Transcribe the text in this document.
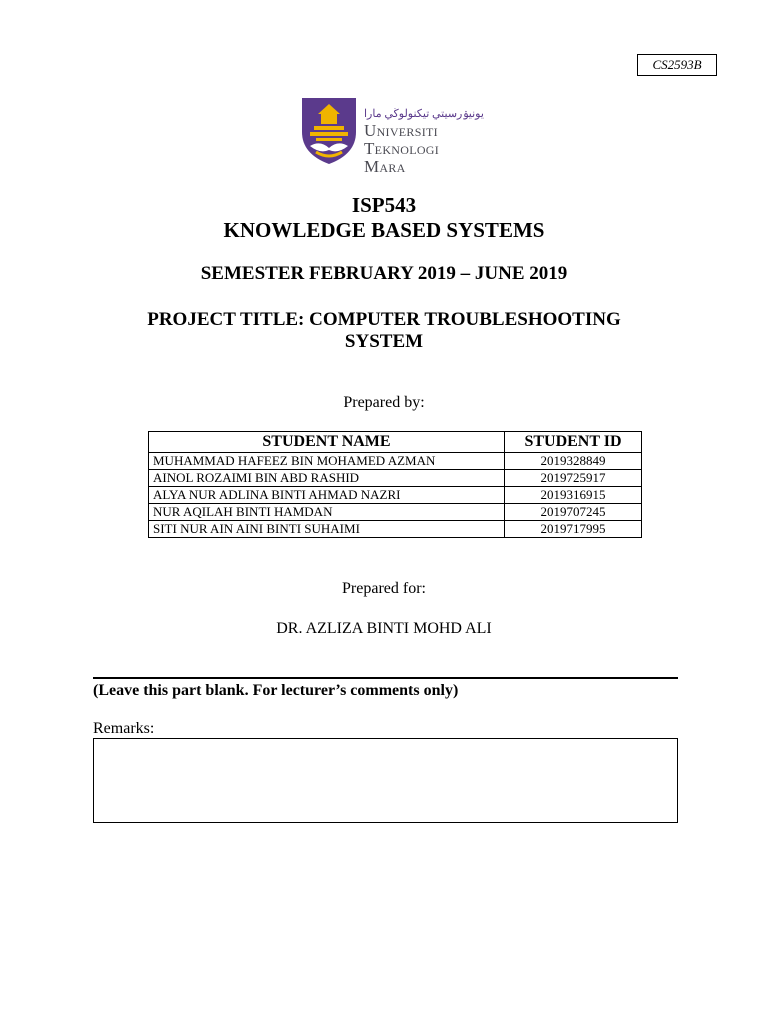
CS2593B
يونيۏرسيتي تيكنولوڬي مارا
Universiti
Teknologi
Mara
ISP543
KNOWLEDGE BASED SYSTEMS
SEMESTER FEBRUARY 2019 – JUNE 2019
PROJECT TITLE: COMPUTER TROUBLESHOOTING SYSTEM
Prepared by:
STUDENT NAME	STUDENT ID
MUHAMMAD HAFEEZ BIN MOHAMED AZMAN	2019328849
AINOL ROZAIMI BIN ABD RASHID	2019725917
ALYA NUR ADLINA BINTI AHMAD NAZRI	2019316915
NUR AQILAH BINTI HAMDAN	2019707245
SITI NUR AIN AINI BINTI SUHAIMI	2019717995
Prepared for:
DR. AZLIZA BINTI MOHD ALI
(Leave this part blank. For lecturer’s comments only)
Remarks:
